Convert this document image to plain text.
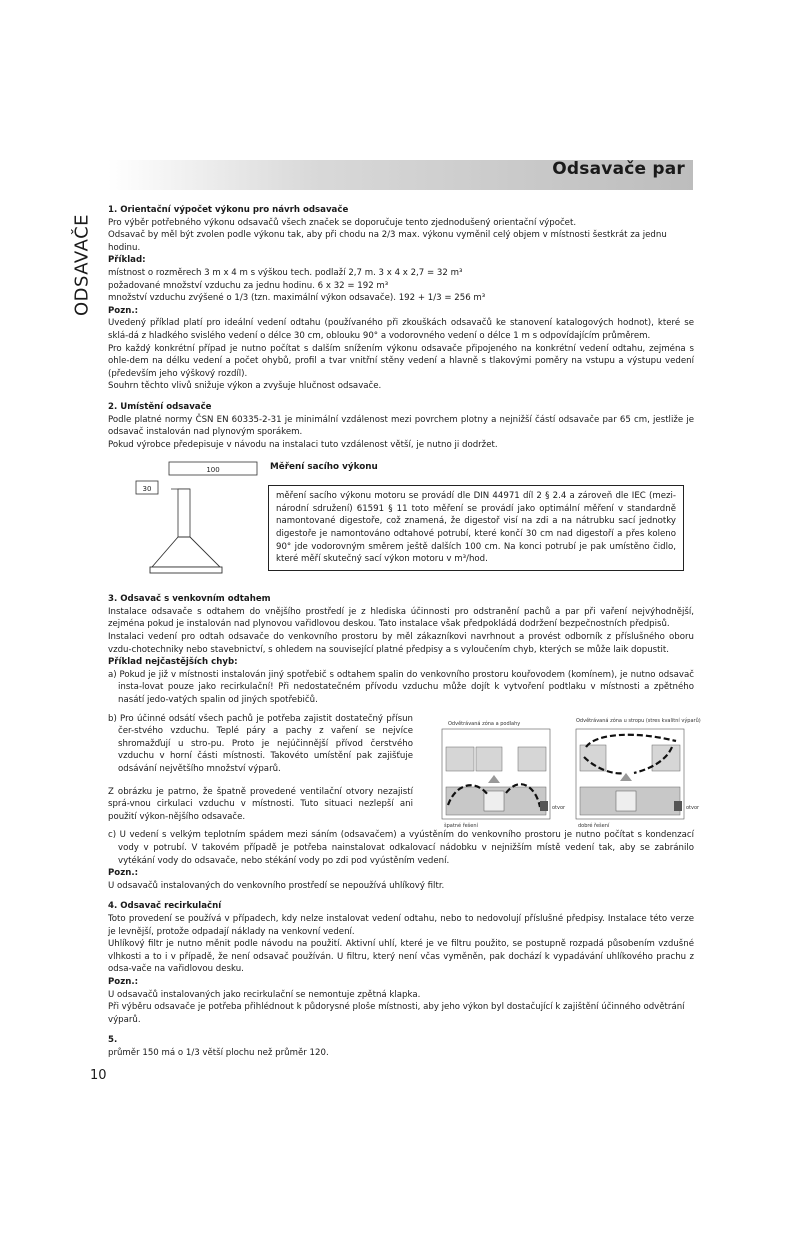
Odsavače par
ODSAVAČE
1. Orientační výpočet výkonu pro návrh odsavače
Pro výběr potřebného výkonu odsavačů všech značek se doporučuje tento zjednodušený orientační výpočet.
Odsavač by měl být zvolen podle výkonu tak, aby při chodu na 2/3 max. výkonu vyměnil celý objem v místnosti šestkrát za jednu hodinu.
Příklad:
místnost o rozměrech 3 m x 4 m s výškou tech. podlaží 2,7 m. 3 x 4 x 2,7 = 32 m³
požadované množství vzduchu za jednu hodinu. 6 x 32 = 192 m³
množství vzduchu zvýšené o 1/3 (tzn. maximální výkon odsavače). 192 + 1/3 = 256 m³
Pozn.:
Uvedený příklad platí pro ideální vedení odtahu (používaného při zkouškách odsavačů ke stanovení katalogových hodnot), které se sklá-dá z hladkého svislého vedení o délce 30 cm, oblouku 90° a vodorovného vedení o délce 1 m s odpovídajícím průměrem.
Pro každý konkrétní případ je nutno počítat s dalším snížením výkonu odsavače připojeného na konkrétní vedení odtahu, zejména s ohle-dem na délku vedení a počet ohybů, profil a tvar vnitřní stěny vedení a hlavně s tlakovými poměry na vstupu a výstupu vedení (především jeho výškový rozdíl).
Souhrn těchto vlivů snižuje výkon a zvyšuje hlučnost odsavače.
2. Umístění odsavače
Podle platné normy ČSN EN 60335-2-31 je minimální vzdálenost mezi povrchem plotny a nejnižší částí odsavače par 65 cm, jestliže je odsavač instalován nad plynovým sporákem.
Pokud výrobce předepisuje v návodu na instalaci tuto vzdálenost větší, je nutno ji dodržet.
100
30
Měření sacího výkonu
měření sacího výkonu motoru se provádí dle DIN 44971 díl 2 § 2.4 a zároveň dle IEC (mezi-národní sdružení) 61591 § 11 toto měření se provádí jako optimální měření v standardně namontované digestoře, což znamená, že digestoř visí na zdi a na nátrubku sací jednotky digestoře je namontováno odtahové potrubí, které končí 30 cm nad digestoří a přes koleno 90° jde vodorovným směrem ještě dalších 100 cm. Na konci potrubí je pak umístěno čidlo, které měří skutečný sací výkon motoru v m³/hod.
3. Odsavač s venkovním odtahem
Instalace odsavače s odtahem do vnějšího prostředí je z hlediska účinnosti pro odstranění pachů a par při vaření nejvýhodnější, zejména pokud je instalován nad plynovou vařidlovou deskou. Tato instalace však předpokládá dodržení bezpečnostních předpisů.
Instalaci vedení pro odtah odsavače do venkovního prostoru by měl zákazníkovi navrhnout a provést odborník z příslušného oboru vzdu-chotechniky nebo stavebnictví, s ohledem na související platné předpisy a s vyloučením chyb, kterých se může laik dopustit.
Příklad nejčastějších chyb:
a) Pokud je již v místnosti instalován jiný spotřebič s odtahem spalin do venkovního prostoru kouřovodem (komínem), je nutno odsavač insta-lovat pouze jako recirkulační! Při nedostatečném přívodu vzduchu může dojít k vytvoření podtlaku v místnosti a zpětného nasátí jedo-vatých spalin od jiných spotřebičů.
b) Pro účinné odsátí všech pachů je potřeba zajistit dostatečný přísun čer-stvého vzduchu. Teplé páry a pachy z vaření se nejvíce shromažďují u stro-pu. Proto je nejúčinnější přívod čerstvého vzduchu v horní části místnosti. Takovéto umístění pak zajišťuje odsávání největšího množství výparů.
Z obrázku je patrno, že špatně provedené ventilační otvory nezajistí sprá-vnou cirkulaci vzduchu v místnosti. Tuto situaci nezlepší ani použití výkon-nějšího odsavače.
Odvětrávaná zóna a podlahy
špatné řešení
otvor
Odvětrávaná zóna u stropu (stres kvalitní výparů)
dobré řešení
otvor
c) U vedení s velkým teplotním spádem mezi sáním (odsavačem) a vyústěním do venkovního prostoru je nutno počítat s kondenzací vody v potrubí. V takovém případě je potřeba nainstalovat odkalovací nádobku v nejnižším místě vedení tak, aby se zabránilo vytékání vody do odsavače, nebo stékání vody po zdi pod vyústěním vedení.
Pozn.:
U odsavačů instalovaných do venkovního prostředí se nepoužívá uhlíkový filtr.
4. Odsavač recirkulační
Toto provedení se používá v případech, kdy nelze instalovat vedení odtahu, nebo to nedovolují příslušné předpisy. Instalace této verze je levnější, protože odpadají náklady na venkovní vedení.
Uhlíkový filtr je nutno měnit podle návodu na použití. Aktivní uhlí, které je ve filtru použito, se postupně rozpadá působením vzdušné vlhkosti a to i v případě, že není odsavač používán. U filtru, který není včas vyměněn, pak dochází k vypadávání uhlíkového prachu z odsa-vače na vařidlovou desku.
Pozn.:
U odsavačů instalovaných jako recirkulační se nemontuje zpětná klapka.
Při výběru odsavače je potřeba přihlédnout k půdorysné ploše místnosti, aby jeho výkon byl dostačující k zajištění účinného odvětrání výparů.
5.
průměr 150 má o 1/3 větší plochu než průměr 120.
10
